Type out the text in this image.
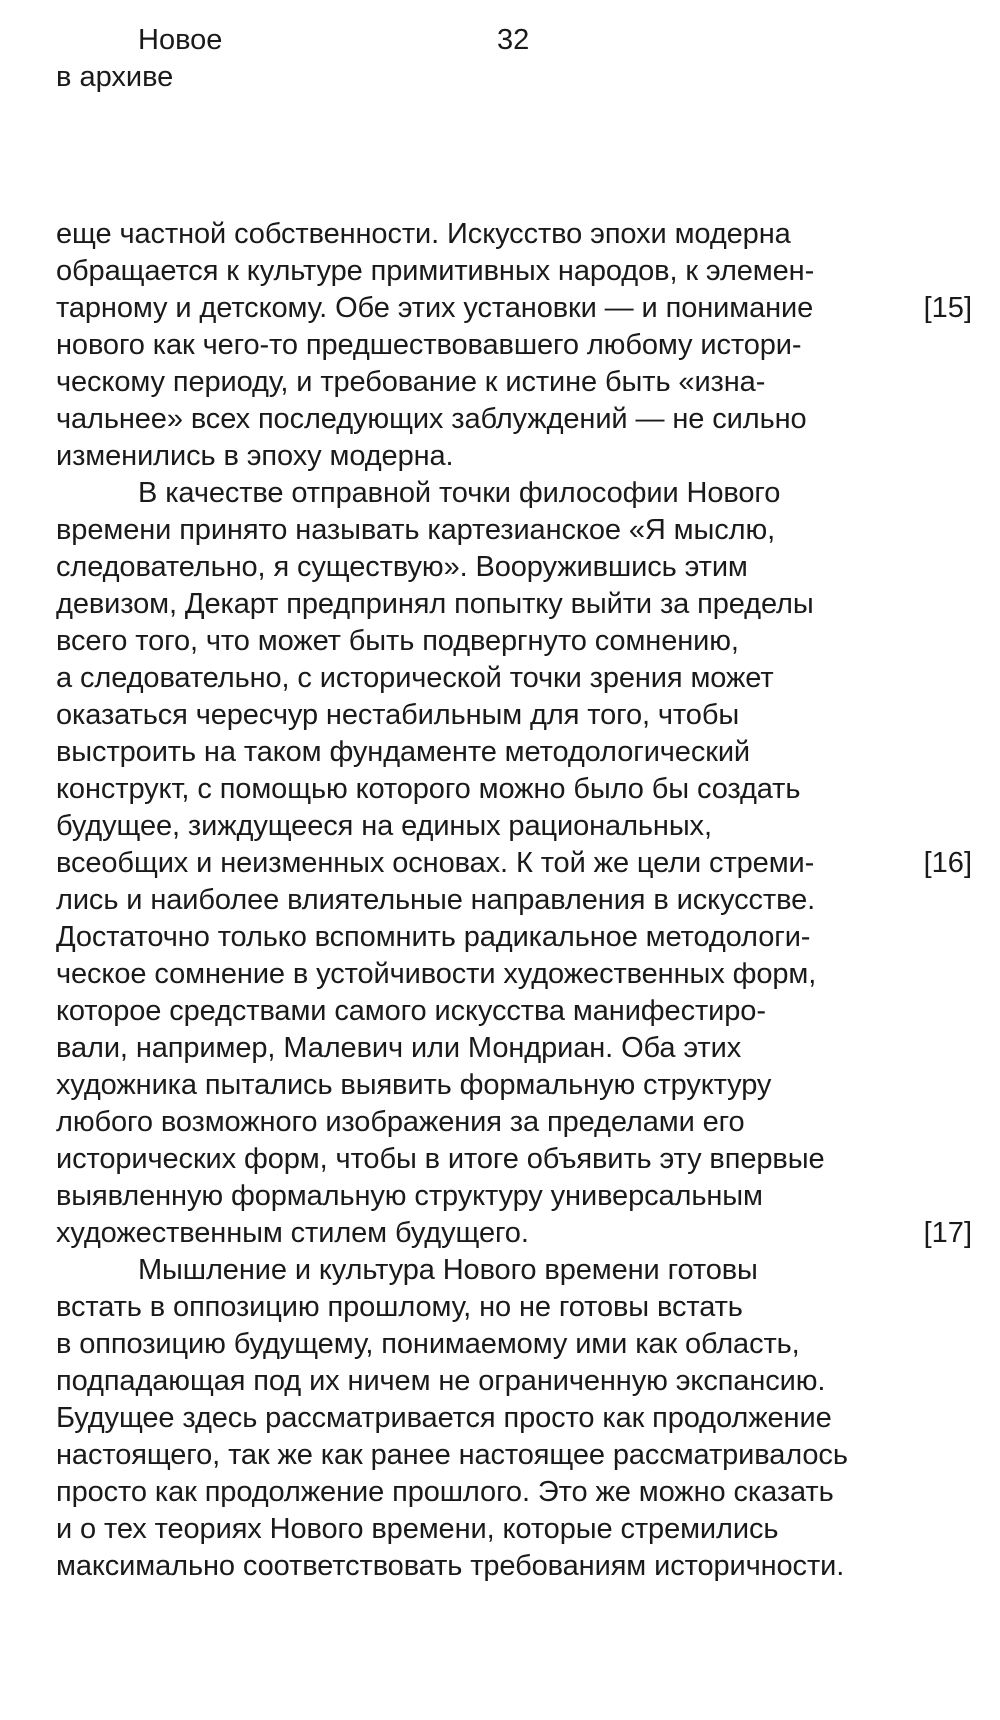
Новое
в архиве
32
еще частной собственности. Искусство эпохи модерна
обращается к культуре примитивных народов, к элемен-
тарному и детскому. Обе этих установки — и понимание
нового как чего-то предшествовавшего любому истори-
ческому периоду, и требование к истине быть «изна-
чальнее» всех последующих заблуждений — не сильно
изменились в эпоху модерна.
В качестве отправной точки философии Нового
времени принято называть картезианское «Я мыслю,
следовательно, я существую». Вооружившись этим
девизом, Декарт предпринял попытку выйти за пределы
всего того, что может быть подвергнуто сомнению,
а следовательно, с исторической точки зрения может
оказаться чересчур нестабильным для того, чтобы
выстроить на таком фундаменте методологический
конструкт, с помощью которого можно было бы создать
будущее, зиждущееся на единых рациональных,
всеобщих и неизменных основах. К той же цели стреми-
лись и наиболее влиятельные направления в искусстве.
Достаточно только вспомнить радикальное методологи-
ческое сомнение в устойчивости художественных форм,
которое средствами самого искусства манифестиро-
вали, например, Малевич или Мондриан. Оба этих
художника пытались выявить формальную структуру
любого возможного изображения за пределами его
исторических форм, чтобы в итоге объявить эту впервые
выявленную формальную структуру универсальным
художественным стилем будущего.
Мышление и культура Нового времени готовы
встать в оппозицию прошлому, но не готовы встать
в оппозицию будущему, понимаемому ими как область,
подпадающая под их ничем не ограниченную экспансию.
Будущее здесь рассматривается просто как продолжение
настоящего, так же как ранее настоящее рассматривалось
просто как продолжение прошлого. Это же можно сказать
и о тех теориях Нового времени, которые стремились
максимально соответствовать требованиям историчности.
[15]
[16]
[17]
